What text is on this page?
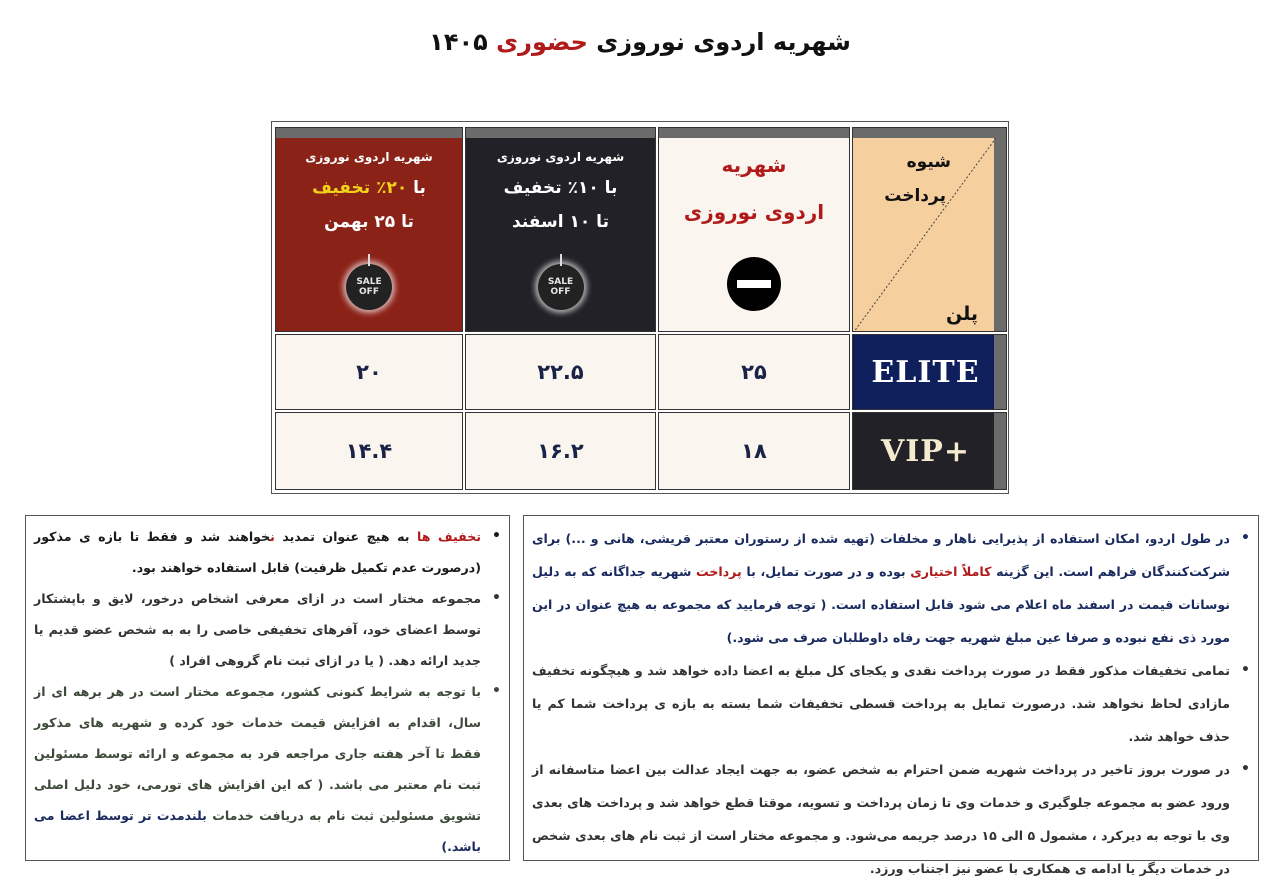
شهریه اردوی نوروزی حضوری ۱۴۰۵
شیوه
پرداخت
پلن
شهریه
اردوی نوروزی
شهریه اردوی نوروزی
با ۱۰٪ تخفیف
تا ۱۰ اسفند
SALE
OFF
شهریه اردوی نوروزی
با ۲۰٪ تخفیف
تا ۲۵ بهمن
SALE
OFF
ELITE
۲۵
۲۲.۵
۲۰
VIP+
۱۸
۱۶.۲
۱۴.۴
• در طول اردو، امکان استفاده از پذیرایی ناهار و مخلفات (تهیه شده از رستوران معتبر قریشی، هانی و ...) برای شرکت‌کنندگان فراهم است. این گزینه کاملاً اختیاری بوده و در صورت تمایل، با پرداخت شهریه جداگانه که به دلیل نوسانات قیمت در اسفند ماه اعلام می شود قابل استفاده است. ( توجه فرمایید که مجموعه به هیچ عنوان در این مورد ذی نفع نبوده و صرفا عین مبلغ شهریه جهت رفاه داوطلبان صرف می شود.)
• تمامی تخفیفات مذکور فقط در صورت پرداخت نقدی و یکجای کل مبلغ به اعضا داده خواهد شد و هیچگونه تخفیف مازادی لحاظ نخواهد شد. درصورت تمایل به پرداخت قسطی تخفیفات شما بسته به بازه ی پرداخت شما کم یا حذف خواهد شد.
• در صورت بروز تاخیر در پرداخت شهریه ضمن احترام به شخص عضو، به جهت ایجاد عدالت بین اعضا متاسفانه از ورود عضو به مجموعه جلوگیری و خدمات وی تا زمان پرداخت و تسویه، موقتا قطع خواهد شد و پرداخت های بعدی وی با توجه به دیرکرد ، مشمول ۵ الی ۱۵ درصد جریمه می‌شود. و مجموعه مختار است از ثبت نام های بعدی شخص در خدمات دیگر یا ادامه ی همکاری با عضو نیز اجتناب ورزد.
• تخفیف ها به هیچ عنوان تمدید نخواهند شد و فقط تا بازه ی مذکور (درصورت عدم تکمیل ظرفیت) قابل استفاده خواهند بود.
• مجموعه مختار است در ازای معرفی اشخاص درخور، لایق و باپشتکار توسط اعضای خود، آفرهای تخفیفی خاصی را به به شخص عضو قدیم یا جدید ارائه دهد. ( یا در ازای ثبت نام گروهی افراد )
• با توجه به شرایط کنونی کشور، مجموعه مختار است در هر برهه ای از سال، اقدام به افزایش قیمت خدمات خود کرده و شهریه های مذکور فقط تا آخر هفته جاری مراجعه فرد به مجموعه و ارائه توسط مسئولین ثبت نام معتبر می باشد. ( که این افزایش های تورمی، خود دلیل اصلی تشویق مسئولین ثبت نام به دریافت خدمات بلندمدت تر توسط اعضا می باشد.)
